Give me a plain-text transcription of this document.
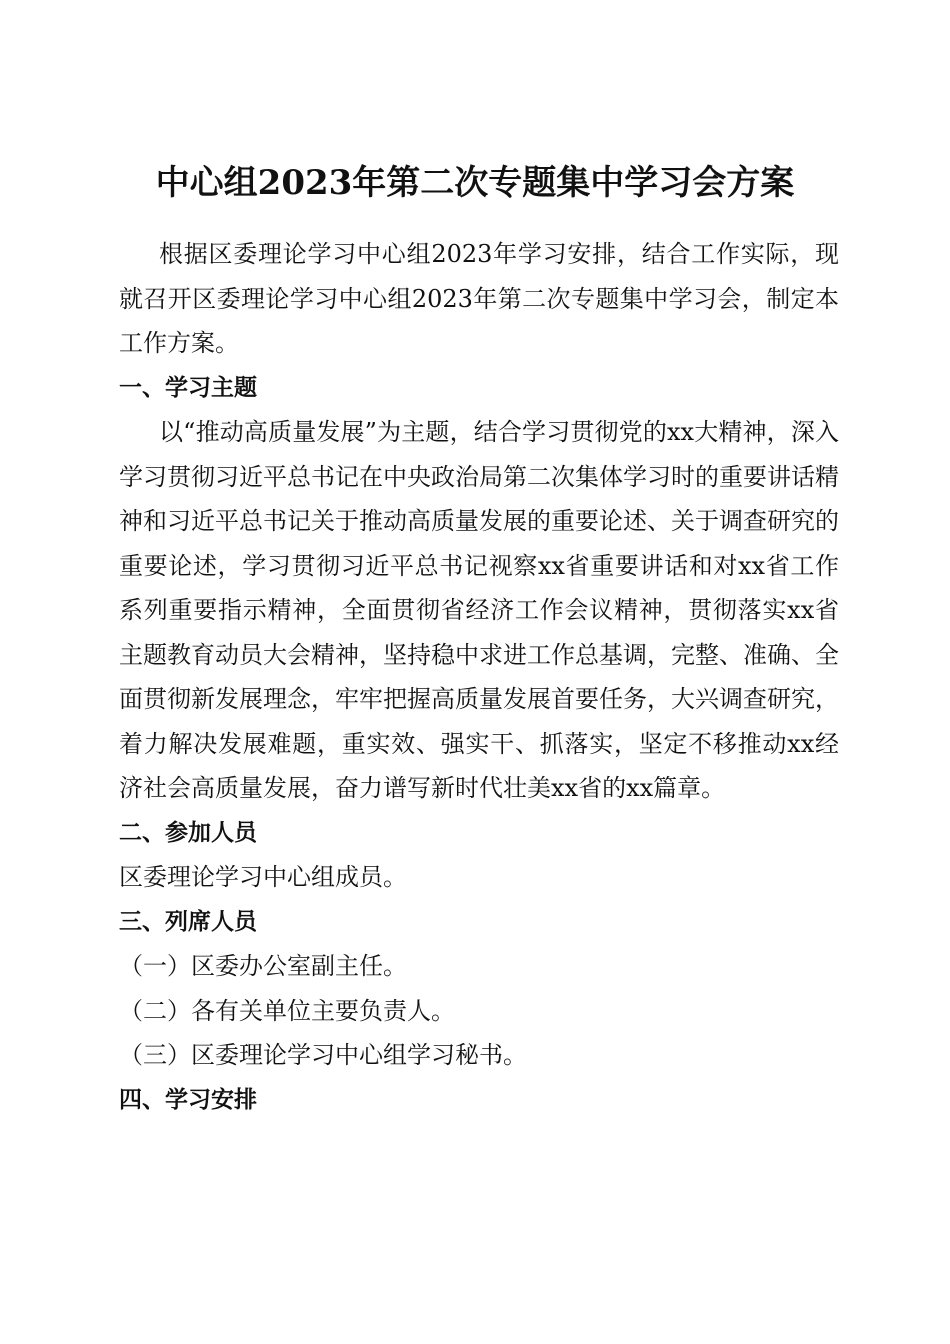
中心组2023年第二次专题集中学习会方案

根据区委理论学习中心组2023年学习安排，结合工作实际，现就召开区委理论学习中心组2023年第二次专题集中学习会，制定本工作方案。

一、学习主题

以“推动高质量发展”为主题，结合学习贯彻党的xx大精神，深入学习贯彻习近平总书记在中央政治局第二次集体学习时的重要讲话精神和习近平总书记关于推动高质量发展的重要论述、关于调查研究的重要论述，学习贯彻习近平总书记视察xx省重要讲话和对xx省工作系列重要指示精神，全面贯彻省经济工作会议精神，贯彻落实xx省主题教育动员大会精神，坚持稳中求进工作总基调，完整、准确、全面贯彻新发展理念，牢牢把握高质量发展首要任务，大兴调查研究，着力解决发展难题，重实效、强实干、抓落实，坚定不移推动xx经济社会高质量发展，奋力谱写新时代壮美xx省的xx篇章。

二、参加人员

区委理论学习中心组成员。

三、列席人员

（一）区委办公室副主任。

（二）各有关单位主要负责人。

（三）区委理论学习中心组学习秘书。

四、学习安排
